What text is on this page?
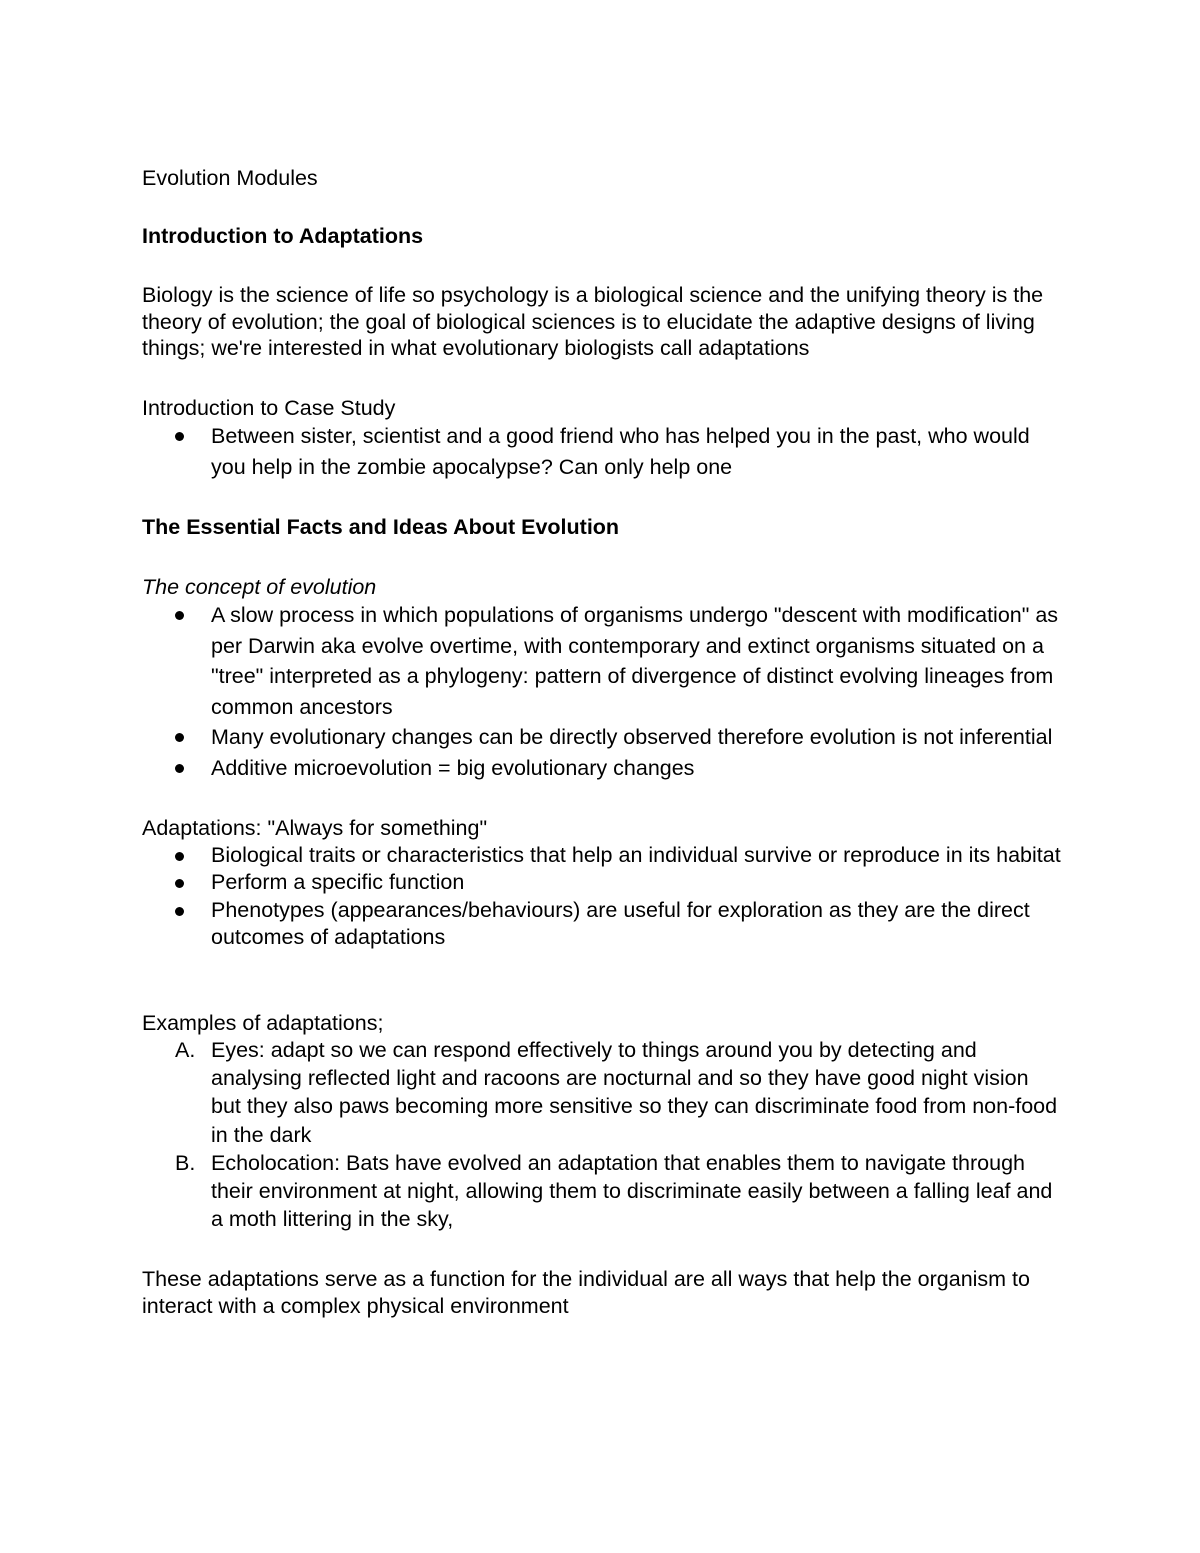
Evolution Modules

Introduction to Adaptations

Biology is the science of life so psychology is a biological science and the unifying theory is the theory of evolution; the goal of biological sciences is to elucidate the adaptive designs of living things; we're interested in what evolutionary biologists call adaptations

Introduction to Case Study

Between sister, scientist and a good friend who has helped you in the past, who would you help in the zombie apocalypse? Can only help one

The Essential Facts and Ideas About Evolution

The concept of evolution

A slow process in which populations of organisms undergo "descent with modification" as per Darwin aka evolve overtime, with contemporary and extinct organisms situated on a "tree" interpreted as a phylogeny: pattern of divergence of distinct evolving lineages from common ancestors
Many evolutionary changes can be directly observed therefore evolution is not inferential
Additive microevolution = big evolutionary changes

Adaptations: "Always for something"

Biological traits or characteristics that help an individual survive or reproduce in its habitat
Perform a specific function
Phenotypes (appearances/behaviours) are useful for exploration as they are the direct outcomes of adaptations

Examples of adaptations;

A. Eyes: adapt so we can respond effectively to things around you by detecting and analysing reflected light and racoons are nocturnal and so they have good night vision but they also paws becoming more sensitive so they can discriminate food from non-food in the dark
B. Echolocation: Bats have evolved an adaptation that enables them to navigate through their environment at night, allowing them to discriminate easily between a falling leaf and a moth littering in the sky,

These adaptations serve as a function for the individual are all ways that help the organism to interact with a complex physical environment
